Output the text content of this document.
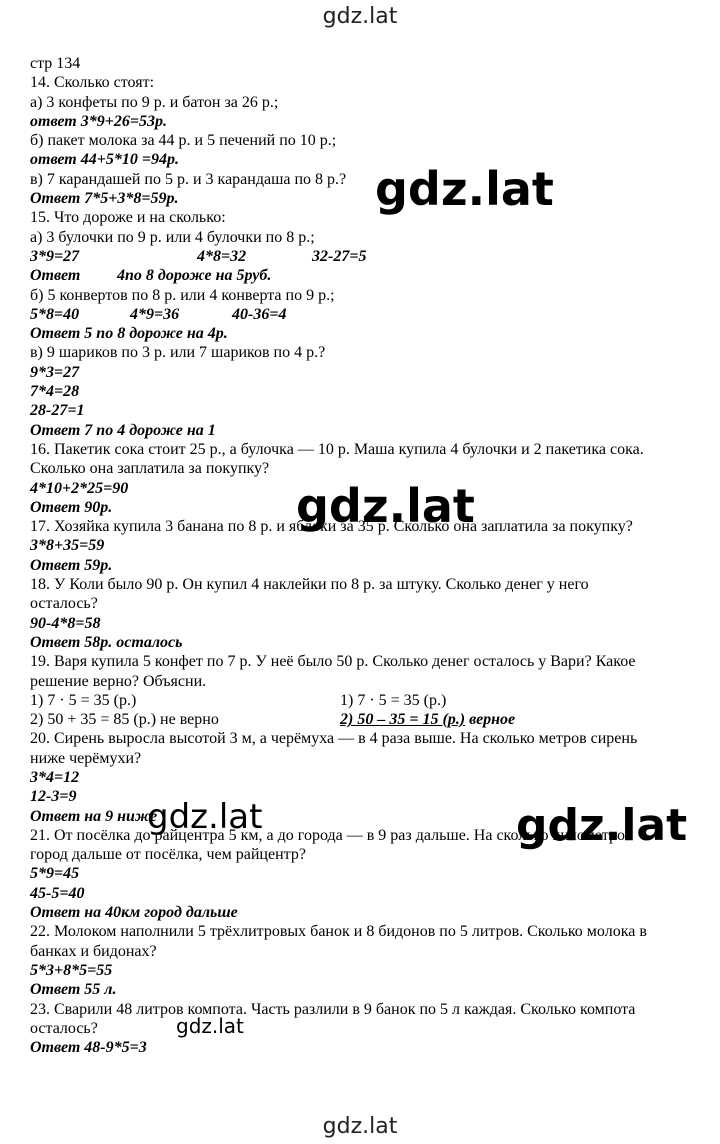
gdz.lat
стр 134
14. Сколько стоят:
а) 3 конфеты по 9 р. и батон за 26 р.;
ответ 3*9+26=53р.
б) пакет молока за 44 р. и 5 печений по 10 р.;
ответ 44+5*10 =94р.
в) 7 карандашей по 5 р. и 3 карандаша по 8 р.?
Ответ 7*5+3*8=59р.
15. Что дороже и на сколько:
а) 3 булочки по 9 р. или 4 булочки по 8 р.;
3*9=27	4*8=32	32-27=5
Ответ 4по 8 дороже на 5руб.
б) 5 конвертов по 8 р. или 4 конверта по 9 р.;
5*8=40	4*9=36	40-36=4
Ответ 5 по 8 дороже на 4р.
в) 9 шариков по 3 р. или 7 шариков по 4 р.?
9*3=27
7*4=28
28-27=1
Ответ 7 по 4 дороже на 1
16. Пакетик сока стоит 25 р., а булочка — 10 р. Маша купила 4 булочки и 2 пакетика сока.
Сколько она заплатила за покупку?
4*10+2*25=90
Ответ 90р.
17. Хозяйка купила 3 банана по 8 р. и яблоки за 35 р. Сколько она заплатила за покупку?
3*8+35=59
Ответ 59р.
18. У Коли было 90 р. Он купил 4 наклейки по 8 р. за штуку. Сколько денег у него
осталось?
90-4*8=58
Ответ 58р. осталось
19. Варя купила 5 конфет по 7 р. У неё было 50 р. Сколько денег осталось у Вари? Какое
решение верно? Объясни.
1) 7 · 5 = 35 (р.)	1) 7 · 5 = 35 (р.)
2) 50 + 35 = 85 (р.) не верно	2) 50 – 35 = 15 (р.) верное
20. Сирень выросла высотой 3 м, а черёмуха — в 4 раза выше. На сколько метров сирень
ниже черёмухи?
3*4=12
12-3=9
Ответ на 9 ниже
21. От посёлка до райцентра 5 км, а до города — в 9 раз дальше. На сколько километров
город дальше от посёлка, чем райцентр?
5*9=45
45-5=40
Ответ на 40км город дальше
22. Молоком наполнили 5 трёхлитровых банок и 8 бидонов по 5 литров. Сколько молока в
банках и бидонах?
5*3+8*5=55
Ответ 55 л.
23. Сварили 48 литров компота. Часть разлили в 9 банок по 5 л каждая. Сколько компота
осталось?
Ответ 48-9*5=3
gdz.lat
gdz.lat
gdz.lat	gdz.lat
gdz.lat
gdz.lat
